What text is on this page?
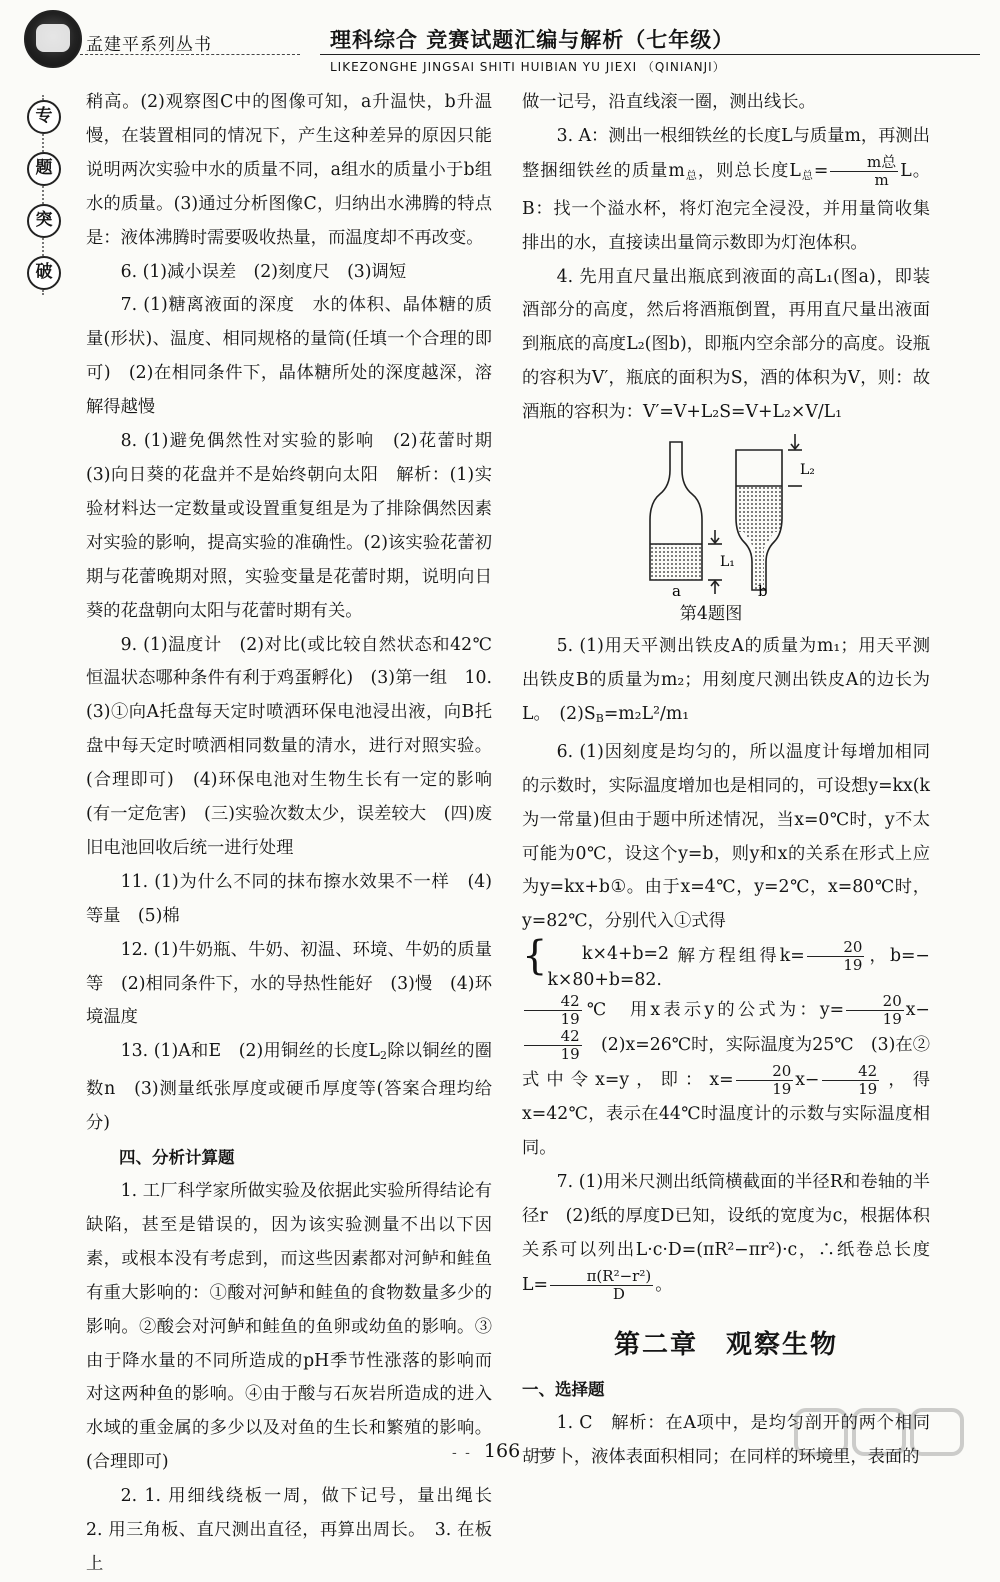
孟建平系列丛书	理科综合 竞赛试题汇编与解析（七年级）
LIKEZONGHE JINGSAI SHITI HUIBIAN YU JIEXI （QINIANJI）
专
题
突
破

稍高。(2)观察图C中的图像可知，a升温快，b升温慢，在装置相同的情况下，产生这种差异的原因只能说明两次实验中水的质量不同，a组水的质量小于b组水的质量。(3)通过分析图像C，归纳出水沸腾的特点是：液体沸腾时需要吸收热量，而温度却不再改变。

6. (1)减小误差　(2)刻度尺　(3)调短

7. (1)糖离液面的深度　水的体积、晶体糖的质量(形状)、温度、相同规格的量筒(任填一个合理的即可)　(2)在相同条件下，晶体糖所处的深度越深，溶解得越慢

8. (1)避免偶然性对实验的影响　(2)花蕾时期　(3)向日葵的花盘并不是始终朝向太阳　解析：(1)实验材料达一定数量或设置重复组是为了排除偶然因素对实验的影响，提高实验的准确性。(2)该实验花蕾初期与花蕾晚期对照，实验变量是花蕾时期，说明向日葵的花盘朝向太阳与花蕾时期有关。

9. (1)温度计　(2)对比(或比较自然状态和42℃恒温状态哪种条件有利于鸡蛋孵化)　(3)第一组　10. (3)①向A托盘每天定时喷洒环保电池浸出液，向B托盘中每天定时喷洒相同数量的清水，进行对照实验。(合理即可)　(4)环保电池对生物生长有一定的影响(有一定危害)　(三)实验次数太少，误差较大　(四)废旧电池回收后统一进行处理

11. (1)为什么不同的抹布擦水效果不一样　(4)等量　(5)棉

12. (1)牛奶瓶、牛奶、初温、环境、牛奶的质量等　(2)相同条件下，水的导热性能好　(3)慢　(4)环境温度

13. (1)A和E　(2)用铜丝的长度$L_2$除以铜丝的圈数n　(3)测量纸张厚度或硬币厚度等(答案合理均给分)

四、分析计算题

1. 工厂科学家所做实验及依据此实验所得结论有缺陷，甚至是错误的，因为该实验测量不出以下因素，或根本没有考虑到，而这些因素都对河鲈和鲑鱼有重大影响的：①酸对河鲈和鲑鱼的食物数量多少的影响。②酸会对河鲈和鲑鱼的鱼卵或幼鱼的影响。③由于降水量的不同所造成的pH季节性涨落的影响而对这两种鱼的影响。④由于酸与石灰岩所造成的进入水域的重金属的多少以及对鱼的生长和繁殖的影响。(合理即可)

2. 1. 用细线绕板一周，做下记号，量出绳长　2. 用三角板、直尺测出直径，再算出周长。　3. 在板上

做一记号，沿直线滚一圈，测出线长。

3. A：测出一根细铁丝的长度L与质量m，再测出整捆细铁丝的质量$m_总$，则总长度$L_总= \frac{\text{m总}}{m}$ L。B：找一个溢水杯，将灯泡完全浸没，并用量筒收集排出的水，直接读出量筒示数即为灯泡体积。

4. 先用直尺量出瓶底到液面的高L₁(图a)，即装酒部分的高度，然后将酒瓶倒置，再用直尺量出液面到瓶底的高度L₂(图b)，即瓶内空余部分的高度。设瓶的容积为V′，瓶底的面积为S，酒的体积为V，则：故酒瓶的容积为：V′=V+L₂S=V+L₂×V/L₁

L₁
L₂
a	b
第4题图

5. (1)用天平测出铁皮A的质量为m₁；用天平测出铁皮B的质量为m₂；用刻度尺测出铁皮A的边长为L。　$(2)S_B=m_2L^2/m_1$

6. (1)因刻度是均匀的，所以温度计每增加相同的示数时，实际温度增加也是相同的，可设想y=kx(k为一常量)但由于题中所述情况，当x=0℃时，y不太可能为0℃，设这个y=b，则y和x的关系在形式上应为y=kx+b①。由于x=4℃，y=2℃，x=80℃时，y=82℃，分别代入①式得
{ k×4+b=2
k×80+b=82. 解方程组得$k= \frac{20}{19}$ ，b=−
$\frac{42}{19}$ ℃　用x表示y的公式为：$y= \frac{20}{19} x-$
$\frac{42}{19}$ 　(2)x=26℃时，实际温度为25℃　(3)在②式中令x=y，即：$x= \frac{20}{19} x- \frac{42}{19}$ ，得x=42℃，表示在44℃时温度计的示数与实际温度相同。

7. (1)用米尺测出纸筒横截面的半径R和卷轴的半径r　(2)纸的厚度D已知，设纸的宽度为c，根据体积关系可以列出L·c·D=(πR²−πr²)·c，∴纸卷总长度$L= \frac{\text{π(R²−r²)}}{D}$ 。

第二章　观察生物

一、选择题

1. C　解析：在A项中，是均匀剖开的两个相同胡萝卜，液体表面积相同；在同样的环境里，表面的

- - 166 —
